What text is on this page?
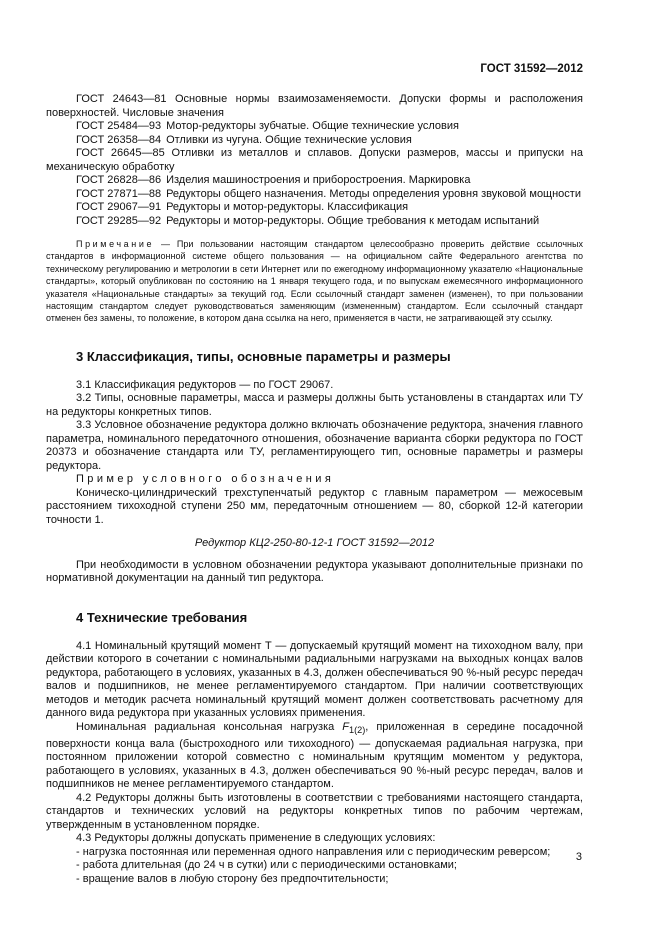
ГОСТ 31592—2012
ГОСТ 24643—81 Основные нормы взаимозаменяемости. Допуски формы и расположения поверхностей. Числовые значения
ГОСТ 25484—93 Мотор-редукторы зубчатые. Общие технические условия
ГОСТ 26358—84 Отливки из чугуна. Общие технические условия
ГОСТ 26645—85 Отливки из металлов и сплавов. Допуски размеров, массы и припуски на механическую обработку
ГОСТ 26828—86 Изделия машиностроения и приборостроения. Маркировка
ГОСТ 27871—88 Редукторы общего назначения. Методы определения уровня звуковой мощности
ГОСТ 29067—91 Редукторы и мотор-редукторы. Классификация
ГОСТ 29285—92 Редукторы и мотор-редукторы. Общие требования к методам испытаний

Примечание — При пользовании настоящим стандартом целесообразно проверить действие ссылочных стандартов в информационной системе общего пользования — на официальном сайте Федерального агентства по техническому регулированию и метрологии в сети Интернет или по ежегодному информационному указателю «Национальные стандарты», который опубликован по состоянию на 1 января текущего года, и по выпускам ежемесячного информационного указателя «Национальные стандарты» за текущий год. Если ссылочный стандарт заменен (изменен), то при пользовании настоящим стандартом следует руководствоваться заменяющим (измененным) стандартом. Если ссылочный стандарт отменен без замены, то положение, в котором дана ссылка на него, применяется в части, не затрагивающей эту ссылку.

3 Классификация, типы, основные параметры и размеры

3.1 Классификация редукторов — по ГОСТ 29067.

3.2 Типы, основные параметры, масса и размеры должны быть установлены в стандартах или ТУ на редукторы конкретных типов.

3.3 Условное обозначение редуктора должно включать обозначение редуктора, значения главного параметра, номинального передаточного отношения, обозначение варианта сборки редуктора по ГОСТ 20373 и обозначение стандарта или ТУ, регламентирующего тип, основные параметры и размеры редуктора.

Пример условного обозначения

Коническо-цилиндрический трехступенчатый редуктор с главным параметром — межосевым расстоянием тихоходной ступени 250 мм, передаточным отношением — 80, сборкой 12-й категории точности 1.

Редуктор КЦ2-250-80-12-1 ГОСТ 31592—2012

При необходимости в условном обозначении редуктора указывают дополнительные признаки по нормативной документации на данный тип редуктора.

4 Технические требования

4.1 Номинальный крутящий момент Т — допускаемый крутящий момент на тихоходном валу, при действии которого в сочетании с номинальными радиальными нагрузками на выходных концах валов редуктора, работающего в условиях, указанных в 4.3, должен обеспечиваться 90 %-ный ресурс передач валов и подшипников, не менее регламентируемого стандартом. При наличии соответствующих методов и методик расчета номинальный крутящий момент должен соответствовать расчетному для данного вида редуктора при указанных условиях применения.

Номинальная радиальная консольная нагрузка $F_{1(2)}$, приложенная в середине посадочной поверхности конца вала (быстроходного или тихоходного) — допускаемая радиальная нагрузка, при постоянном приложении которой совместно с номинальным крутящим моментом у редуктора, работающего в условиях, указанных в 4.3, должен обеспечиваться 90 %-ный ресурс передач, валов и подшипников не менее регламентируемого стандартом.

4.2 Редукторы должны быть изготовлены в соответствии с требованиями настоящего стандарта, стандартов и технических условий на редукторы конкретных типов по рабочим чертежам, утвержденным в установленном порядке.

4.3 Редукторы должны допускать применение в следующих условиях:

- нагрузка постоянная или переменная одного направления или с периодическим реверсом;

- работа длительная (до 24 ч в сутки) или с периодическими остановками;

- вращение валов в любую сторону без предпочтительности;

3
